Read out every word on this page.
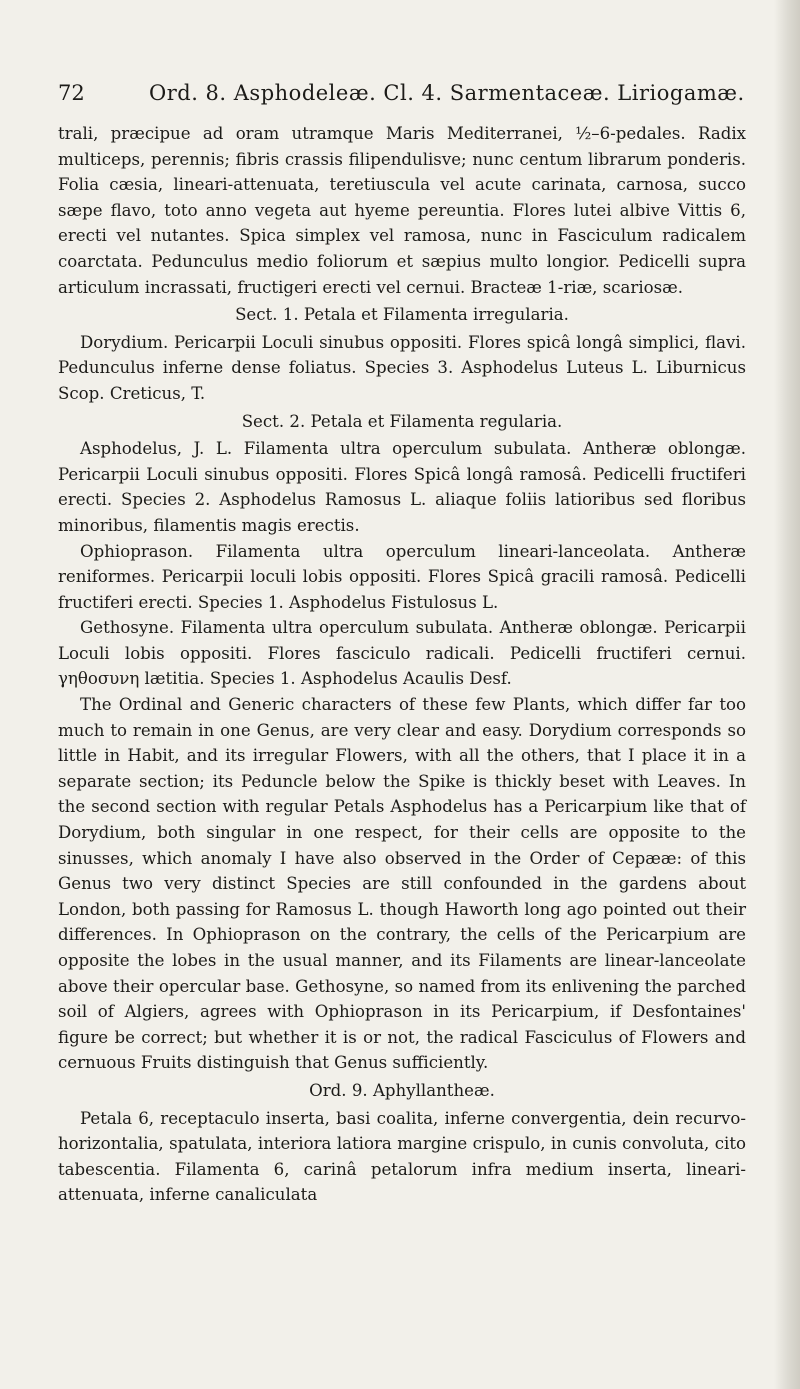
72	Ord. 8. Asphodeleæ. Cl. 4. Sarmentaceæ. Liriogamæ.

trali, præcipue ad oram utramque Maris Mediterranei, ½–6-pedales. Radix multiceps, perennis; fibris crassis filipendulisve; nunc centum librarum ponderis. Folia cæsia, lineari-attenuata, teretiuscula vel acute carinata, carnosa, succo sæpe flavo, toto anno vegeta aut hyeme pereuntia. Flores lutei albive Vittis 6, erecti vel nutantes. Spica simplex vel ramosa, nunc in Fasciculum radicalem coarctata. Pedunculus medio foliorum et sæpius multo longior. Pedicelli supra articulum incrassati, fructigeri erecti vel cernui. Bracteæ 1-riæ, scariosæ.

Sect. 1. Petala et Filamenta irregularia.

Dorydium. Pericarpii Loculi sinubus oppositi. Flores spicâ longâ simplici, flavi. Pedunculus inferne dense foliatus. Species 3. Asphodelus Luteus L. Liburnicus Scop. Creticus, T.

Sect. 2. Petala et Filamenta regularia.

Asphodelus, J. L. Filamenta ultra operculum subulata. Antheræ oblongæ. Pericarpii Loculi sinubus oppositi. Flores Spicâ longâ ramosâ. Pedicelli fructiferi erecti. Species 2. Asphodelus Ramosus L. aliaque foliis latioribus sed floribus minoribus, filamentis magis erectis.

Ophioprason. Filamenta ultra operculum lineari-lanceolata. Antheræ reniformes. Pericarpii loculi lobis oppositi. Flores Spicâ gracili ramosâ. Pedicelli fructiferi erecti. Species 1. Asphodelus Fistulosus L.

Gethosyne. Filamenta ultra operculum subulata. Antheræ oblongæ. Pericarpii Loculi lobis oppositi. Flores fasciculo radicali. Pedicelli fructiferi cernui. γηθοσυνη lætitia. Species 1. Asphodelus Acaulis Desf.

The Ordinal and Generic characters of these few Plants, which differ far too much to remain in one Genus, are very clear and easy. Dorydium corresponds so little in Habit, and its irregular Flowers, with all the others, that I place it in a separate section; its Peduncle below the Spike is thickly beset with Leaves. In the second section with regular Petals Asphodelus has a Pericarpium like that of Dorydium, both singular in one respect, for their cells are opposite to the sinusses, which anomaly I have also observed in the Order of Cepææ: of this Genus two very distinct Species are still confounded in the gardens about London, both passing for Ramosus L. though Haworth long ago pointed out their differences. In Ophioprason on the contrary, the cells of the Pericarpium are opposite the lobes in the usual manner, and its Filaments are linear-lanceolate above their opercular base. Gethosyne, so named from its enlivening the parched soil of Algiers, agrees with Ophioprason in its Pericarpium, if Desfontaines' figure be correct; but whether it is or not, the radical Fasciculus of Flowers and cernuous Fruits distinguish that Genus sufficiently.

Ord. 9. Aphyllantheæ.

Petala 6, receptaculo inserta, basi coalita, inferne convergentia, dein recurvo-horizontalia, spatulata, interiora latiora margine crispulo, in cunis convoluta, cito tabescentia. Filamenta 6, carinâ petalorum infra medium inserta, lineari-attenuata, inferne canaliculata
